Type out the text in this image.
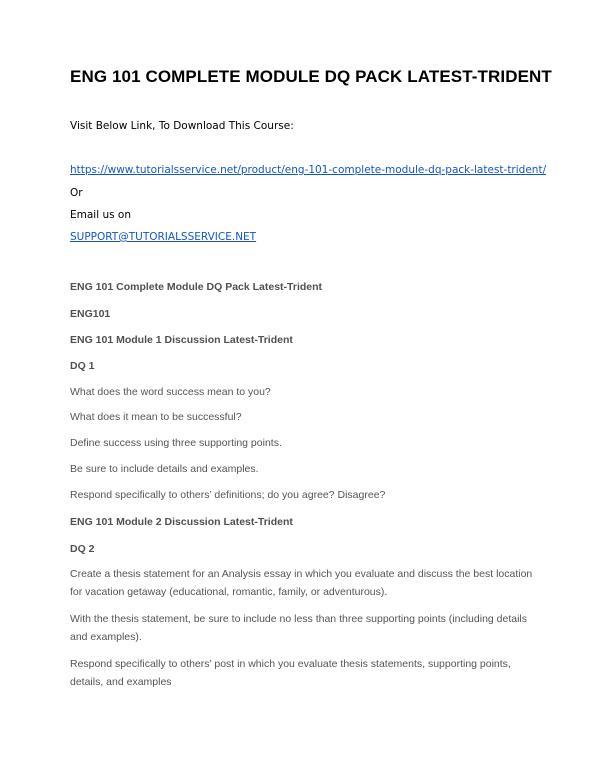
ENG 101 COMPLETE MODULE DQ PACK LATEST-TRIDENT
Visit Below Link, To Download This Course:
https://www.tutorialsservice.net/product/eng-101-complete-module-dq-pack-latest-trident/
Or
Email us on
SUPPORT@TUTORIALSSERVICE.NET
ENG 101 Complete Module DQ Pack Latest-Trident
ENG101
ENG 101 Module 1 Discussion Latest-Trident
DQ 1
What does the word success mean to you?
What does it mean to be successful?
Define success using three supporting points.
Be sure to include details and examples.
Respond specifically to others’ definitions; do you agree? Disagree?
ENG 101 Module 2 Discussion Latest-Trident
DQ 2
Create a thesis statement for an Analysis essay in which you evaluate and discuss the best location for vacation getaway (educational, romantic, family, or adventurous).
With the thesis statement, be sure to include no less than three supporting points (including details and examples).
Respond specifically to others’ post in which you evaluate thesis statements, supporting points, details, and examples
